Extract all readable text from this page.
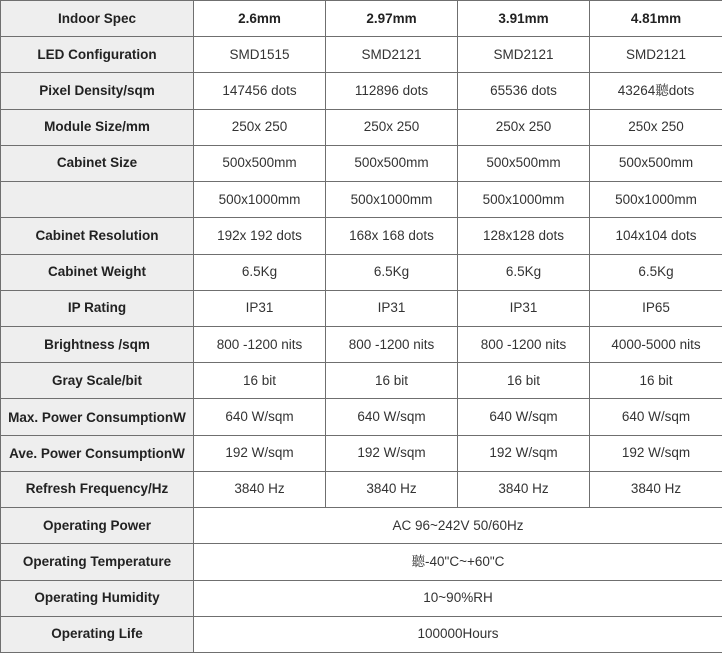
Indoor Spec	2.6mm	2.97mm	3.91mm	4.81mm
LED Configuration	SMD1515	SMD2121	SMD2121	SMD2121
Pixel Density/sqm	147456 dots	112896 dots	65536 dots	43264聽dots
Module Size/mm	250x 250	250x 250	250x 250	250x 250
Cabinet Size	500x500mm	500x500mm	500x500mm	500x500mm
	500x1000mm	500x1000mm	500x1000mm	500x1000mm
Cabinet Resolution	192x 192 dots	168x 168 dots	128x128 dots	104x104 dots
Cabinet Weight	6.5Kg	6.5Kg	6.5Kg	6.5Kg
IP Rating	IP31	IP31	IP31	IP65
Brightness /sqm	800 -1200 nits	800 -1200 nits	800 -1200 nits	4000-5000 nits
Gray Scale/bit	16 bit	16 bit	16 bit	16 bit
Max. Power ConsumptionW	640 W/sqm	640 W/sqm	640 W/sqm	640 W/sqm
Ave. Power ConsumptionW	192 W/sqm	192 W/sqm	192 W/sqm	192 W/sqm
Refresh Frequency/Hz	3840 Hz	3840 Hz	3840 Hz	3840 Hz
Operating Power	AC 96~242V 50/60Hz			
Operating Temperature	聽-40"C~+60"C			
Operating Humidity	10~90%RH			
Operating Life	100000Hours			
